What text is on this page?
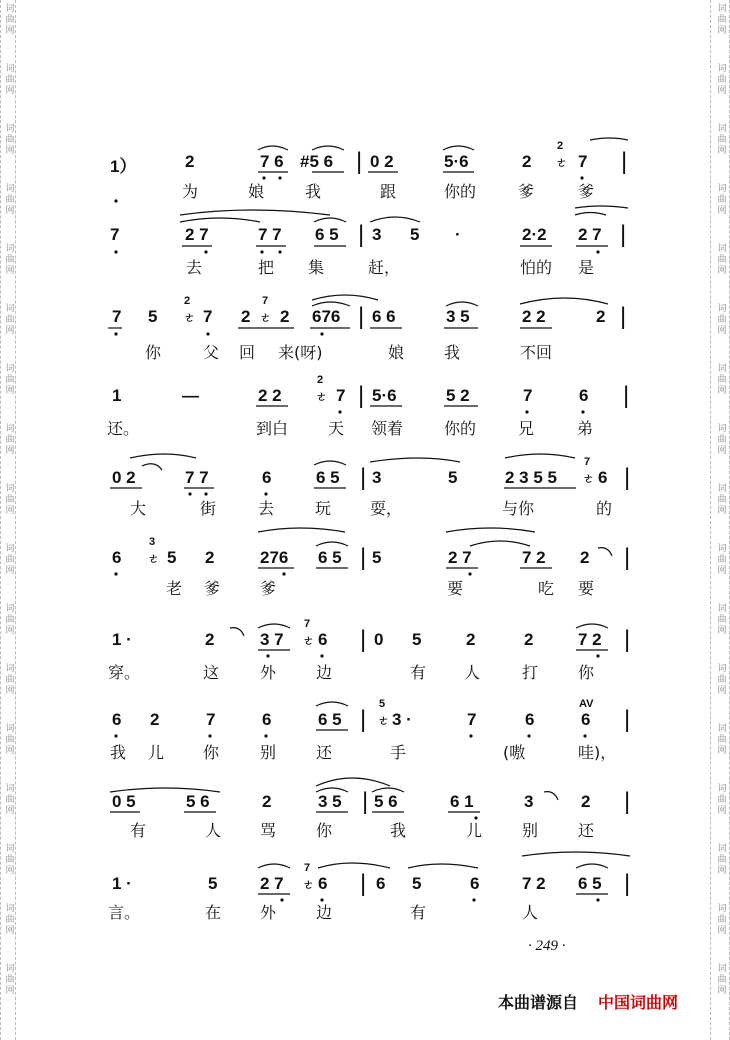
词
曲
网
词
曲
网
词
曲
网
词
曲
网
词
曲
网
词
曲
网
词
曲
网
词
曲
网
词
曲
网
词
曲
网
词
曲
网
词
曲
网
词
曲
网
词
曲
网
词
曲
网
词
曲
网
词
曲
网
词
曲
网
词
曲
网
词
曲
网
词
曲
网
词
曲
网
词
曲
网
词
曲
网
词
曲
网
词
曲
网
词
曲
网
词
曲
网
词
曲
网
词
曲
网
词
曲
网
词
曲
网
词
曲
网
词
曲
网
1）	2	7 6 #5 6 | 0 2	5·6	2	7 |
2
ㄜ
为	娘	我	跟	你的	爹	爹
7	2 7	7 7 6 5 | 3 5 ·	2·2 2 7 |
去	把 集	赶，	怕的 是
7 5	7 2 2 676 | 6 6	3 5	2 2	2 |
2
ㄜ
7
ㄜ
你	父 回 来(呀)	娘 我	不回
1	—	2 2	7 | 5·6	5 2	7	6 |
2
ㄜ
还。	到白 天 领着	你的	兄	弟
0 2	7 7	6	6 5 | 3	5	2 3 5 5 6 |
7
ㄜ
大	街	去	玩 耍，	与你	的
6	5 2	276 6 5 | 5	2 7	7 2 2 |
3
ㄜ
老 爹 爹	要	吃 要
1 ·	2	3 7 6 | 0 5	2	2	7 2 |
7
ㄜ
穿。	这	外 边	有 人	打 你
6 2	7	6	6 5 | 3 ·	7	6	6 |
5
ㄜ
AV
我 儿 你	别 还	手	(嗷	哇)，
0 5	5 6	2	3 5 | 5 6	6 1	3	2 |
有	人 骂 你	我	儿 别 还
1 ·	5	2 7 6 | 6 5	6	7 2 6 5 |
7
ㄜ
言。	在 外 边	有	人
· 249 ·
本曲谱源自 中国词曲网
